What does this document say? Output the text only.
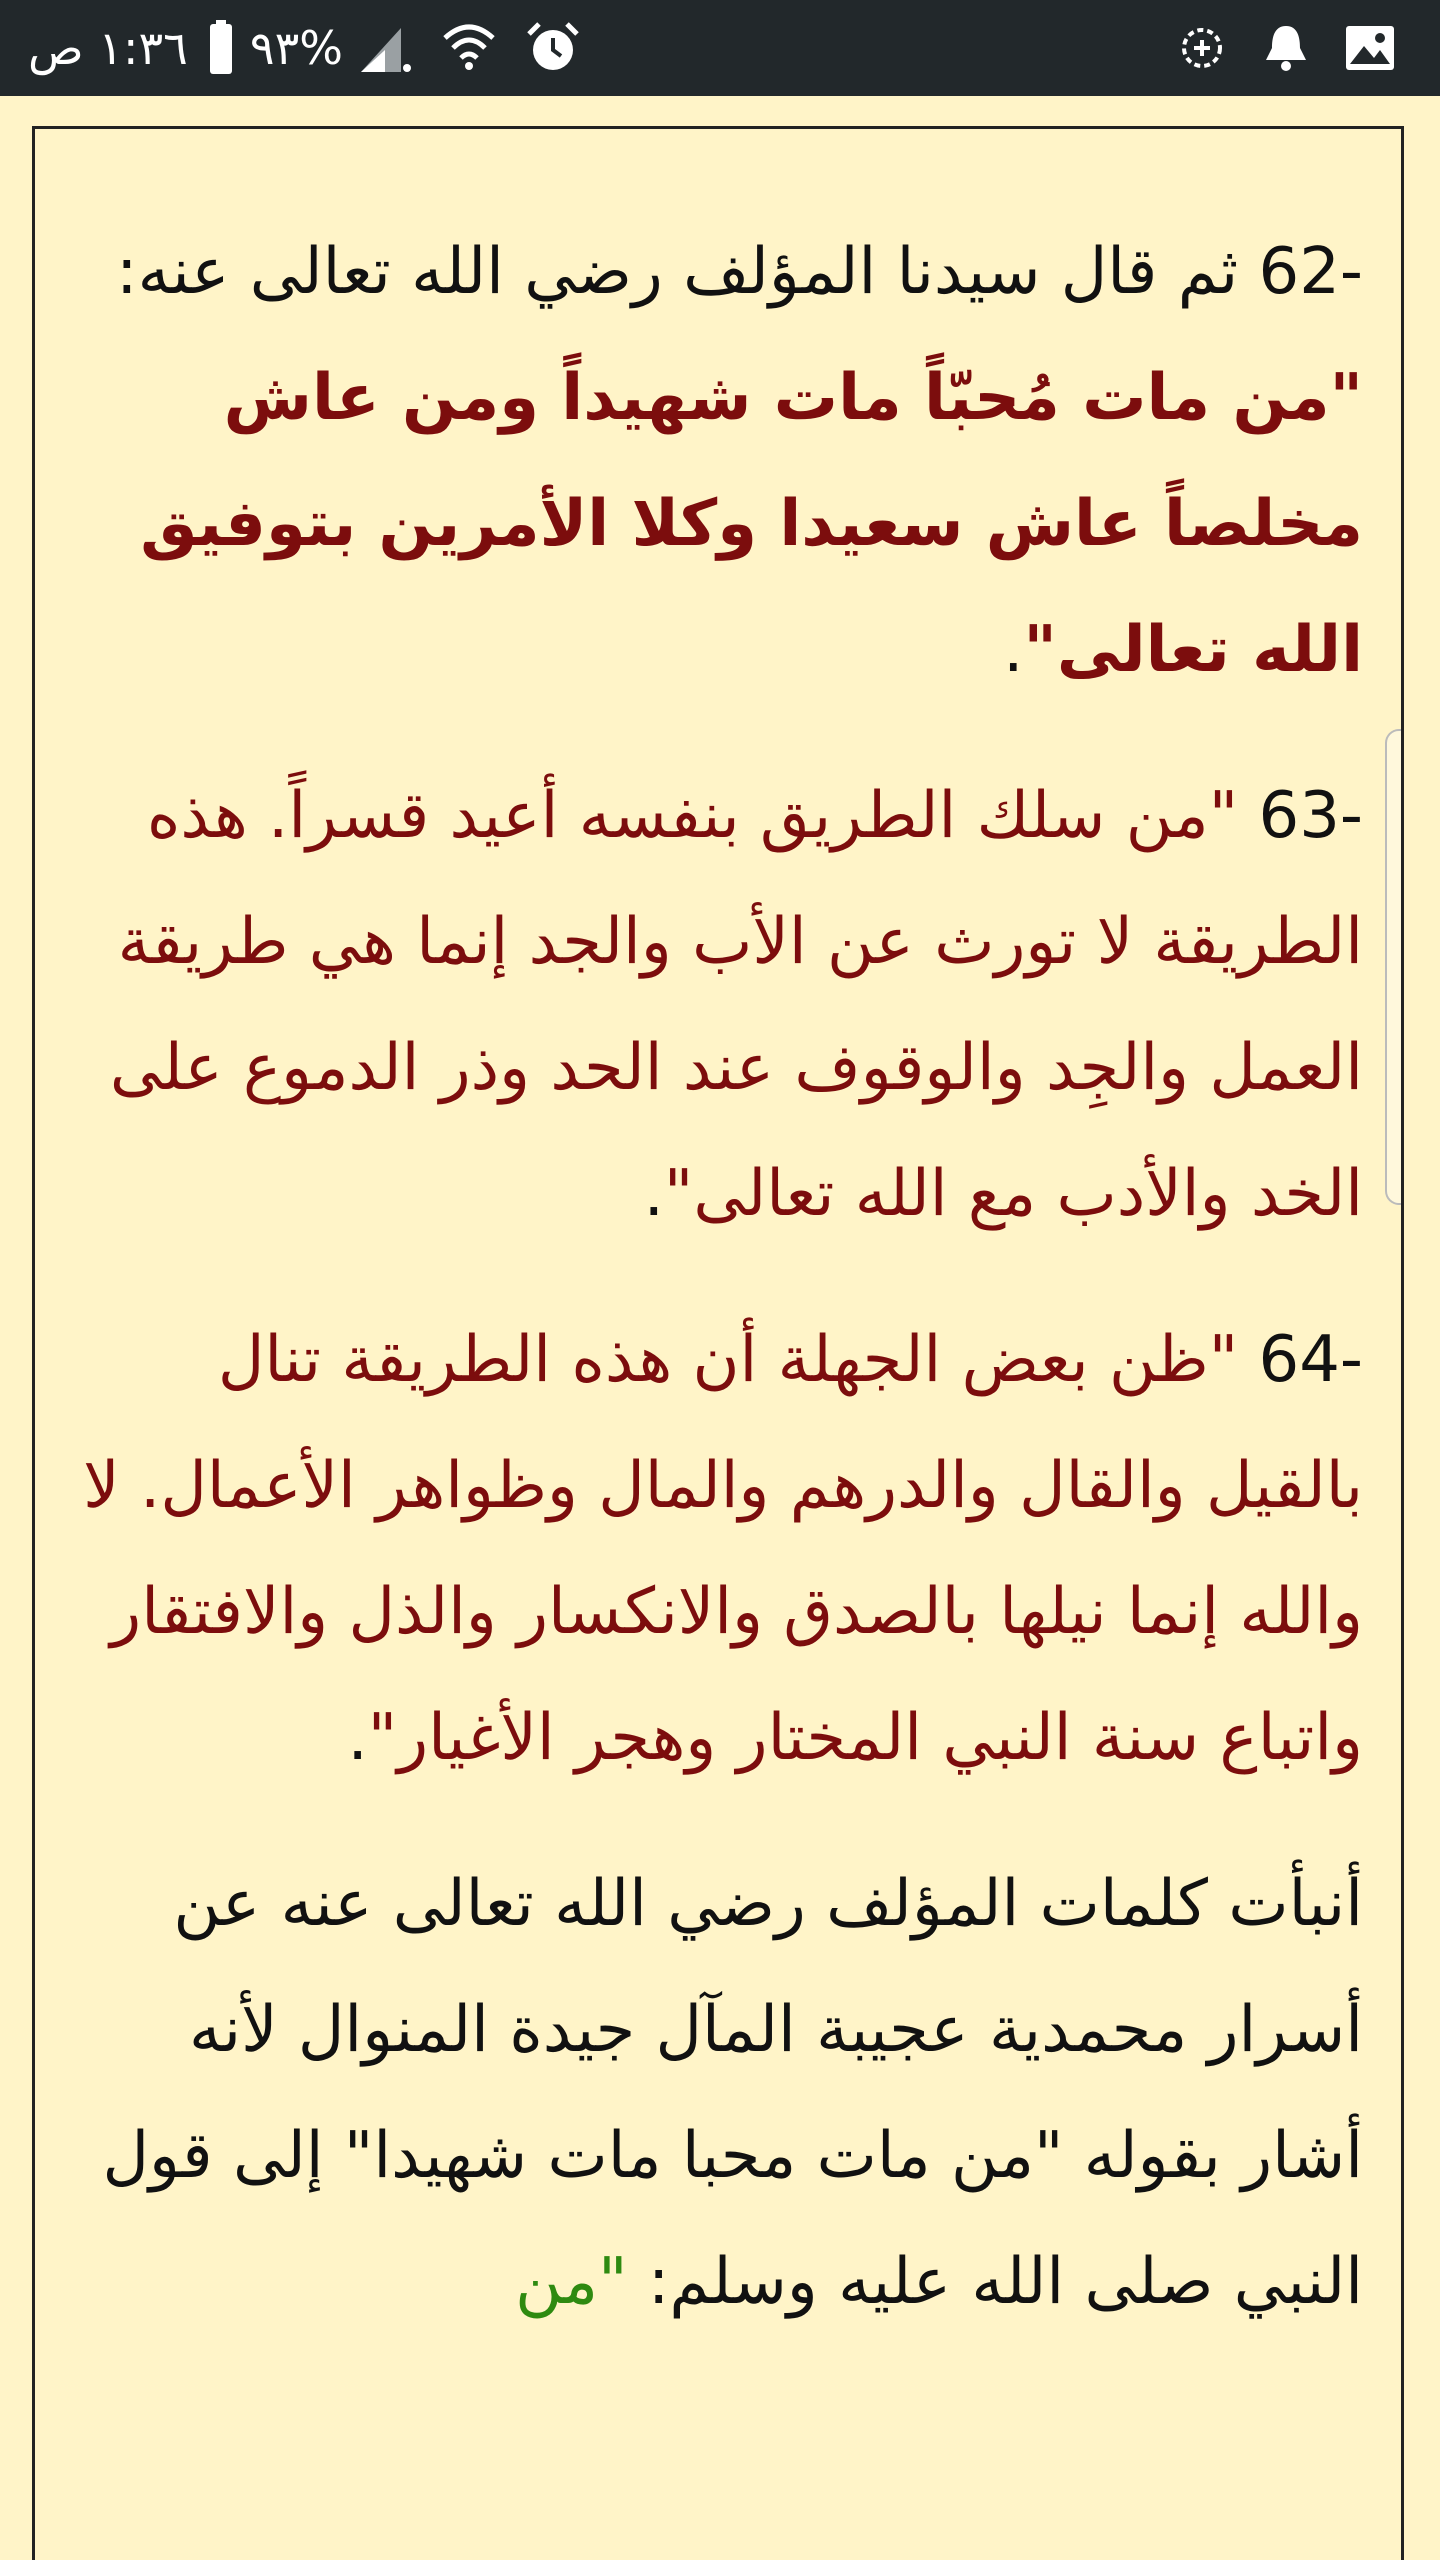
١:٣٦ ص %٩٣

62- ثم قال سيدنا المؤلف رضي الله تعالى عنه: "من مات مُحبّاً مات شهيداً ومن عاش مخلصاً عاش سعيدا وكلا الأمرين بتوفيق الله تعالى".

63- "من سلك الطريق بنفسه أعيد قسراً. هذه الطريقة لا تورث عن الأب والجد إنما هي طريقة العمل والجِد والوقوف عند الحد وذر الدموع على الخد والأدب مع الله تعالى".

64- "ظن بعض الجهلة أن هذه الطريقة تنال بالقيل والقال والدرهم والمال وظواهر الأعمال. لا والله إنما نيلها بالصدق والانكسار والذل والافتقار واتباع سنة النبي المختار وهجر الأغيار".

أنبأت كلمات المؤلف رضي الله تعالى عنه عن أسرار محمدية عجيبة المآل جيدة المنوال لأنه أشار بقوله "من مات محبا مات شهيدا" إلى قول النبي صلى الله عليه وسلم: "من
